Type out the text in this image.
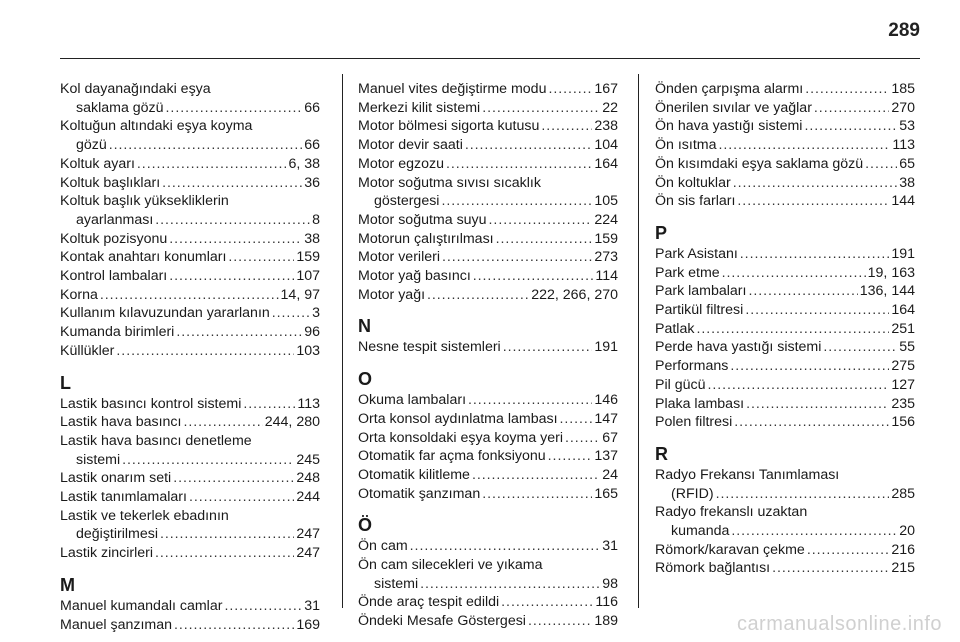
289
Kol dayanağındaki eşya
saklama gözü . . .	66
Koltuğun altındaki eşya koyma
gözü . . .	66
Koltuk ayarı . . .	6, 38
Koltuk başlıkları . . .	36
Koltuk başlık yüksekliklerin
ayarlanması . . .	8
Koltuk pozisyonu . . .	38
Kontak anahtarı konumları . . .	159
Kontrol lambaları . . .	107
Korna . . .	14, 97
Kullanım kılavuzundan yararlanın . . .	3
Kumanda birimleri . . .	96
Küllükler . . .	103
L
Lastik basıncı kontrol sistemi . . .	113
Lastik hava basıncı . . .	244, 280
Lastik hava basıncı denetleme
sistemi . . .	245
Lastik onarım seti . . .	248
Lastik tanımlamaları . . .	244
Lastik ve tekerlek ebadının
değiştirilmesi . . .	247
Lastik zincirleri . . .	247
M
Manuel kumandalı camlar . . .	31
Manuel şanzıman . . .	169
Manuel vites değiştirme modu . . .	167
Merkezi kilit sistemi . . .	22
Motor bölmesi sigorta kutusu . . .	238
Motor devir saati . . .	104
Motor egzozu . . .	164
Motor soğutma sıvısı sıcaklık
göstergesi . . .	105
Motor soğutma suyu . . .	224
Motorun çalıştırılması . . .	159
Motor verileri . . .	273
Motor yağ basıncı . . .	114
Motor yağı . . .	222, 266, 270
N
Nesne tespit sistemleri . . .	191
O
Okuma lambaları . . .	146
Orta konsol aydınlatma lambası . . .	147
Orta konsoldaki eşya koyma yeri . . .	67
Otomatik far açma fonksiyonu . . .	137
Otomatik kilitleme . . .	24
Otomatik şanzıman . . .	165
Ö
Ön cam . . .	31
Ön cam silecekleri ve yıkama
sistemi . . .	98
Önde araç tespit edildi . . .	116
Öndeki Mesafe Göstergesi . . .	189
Önden çarpışma alarmı . . .	185
Önerilen sıvılar ve yağlar . . .	270
Ön hava yastığı sistemi . . .	53
Ön ısıtma . . .	113
Ön kısımdaki eşya saklama gözü . . .	65
Ön koltuklar . . .	38
Ön sis farları . . .	144
P
Park Asistanı . . .	191
Park etme . . .	19, 163
Park lambaları . . .	136, 144
Partikül filtresi . . .	164
Patlak . . .	251
Perde hava yastığı sistemi . . .	55
Performans . . .	275
Pil gücü . . .	127
Plaka lambası . . .	235
Polen filtresi . . .	156
R
Radyo Frekansı Tanımlaması
(RFID) . . .	285
Radyo frekanslı uzaktan
kumanda . . .	20
Römork/karavan çekme . . .	216
Römork bağlantısı . . .	215
carmanualsonline.info
